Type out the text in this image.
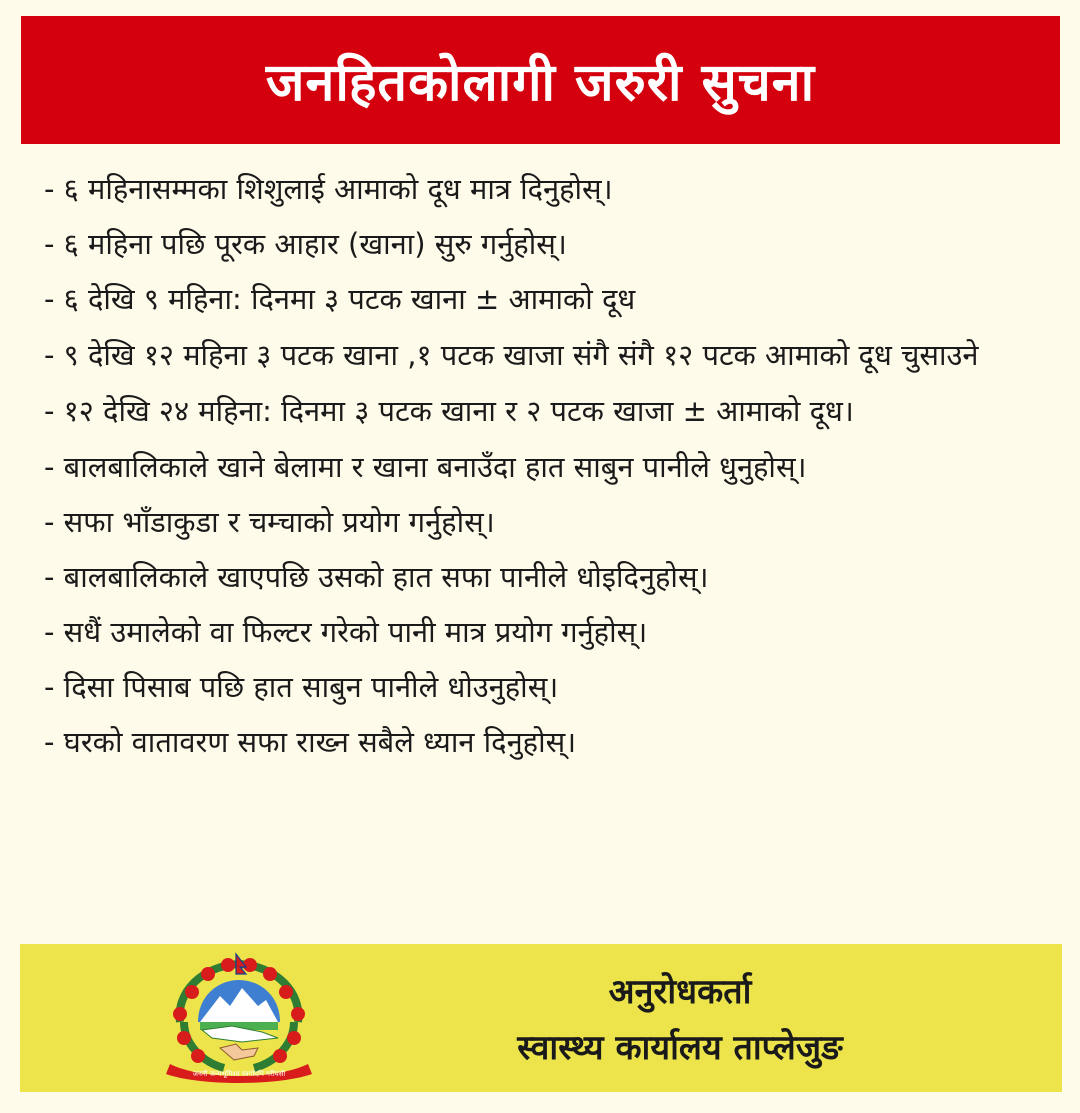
जनहितकोलागी जरुरी सुचना
- ६ महिनासम्मका शिशुलाई आमाको दूध मात्र दिनुहोस्।
- ६ महिना पछि पूरक आहार (खाना) सुरु गर्नुहोस्।
- ६ देखि ९ महिना: दिनमा ३ पटक खाना ± आमाको दूध
- ९ देखि १२ महिना ३ पटक खाना ,१ पटक खाजा संगै संगै १२ पटक आमाको दूध चुसाउने
- १२ देखि २४ महिना: दिनमा ३ पटक खाना र २ पटक खाजा ± आमाको दूध।
- बालबालिकाले खाने बेलामा र खाना बनाउँदा हात साबुन पानीले धुनुहोस्।
- सफा भाँडाकुडा र चम्चाको प्रयोग गर्नुहोस्।
- बालबालिकाले खाएपछि उसको हात सफा पानीले धोइदिनुहोस्।
- सधैं उमालेको वा फिल्टर गरेको पानी मात्र प्रयोग गर्नुहोस्।
- दिसा पिसाब पछि हात साबुन पानीले धोउनुहोस्।
- घरको वातावरण सफा राख्न सबैले ध्यान दिनुहोस्।
जननी जन्मभूमिश्च स्वर्गादपि गरीयसी
अनुरोधकर्ता
स्वास्थ्य कार्यालय ताप्लेजुङ
